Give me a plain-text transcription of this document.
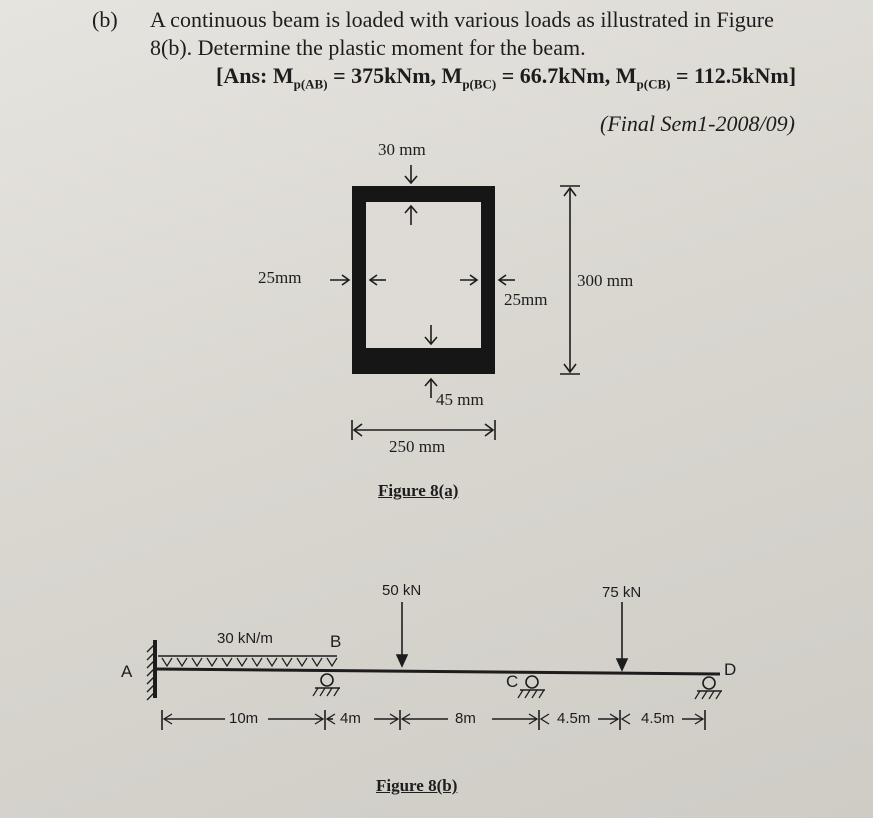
(b) A continuous beam is loaded with various loads as illustrated in Figure
8(b). Determine the plastic moment for the beam.
[Ans: $M_{p(AB)} = 375kNm$, $M_{p(BC)} = 66.7kNm$, $M_{p(CB)} = 112.5kNm$]
(Final Sem1-2008/09)
30 mm
25mm
25mm
300 mm
45 mm
250 mm
Figure 8(a)
30 kN/m
50 kN	75 kN
A
B
C
D
10m	4m	8m	4.5m	4.5m
Figure 8(b)
